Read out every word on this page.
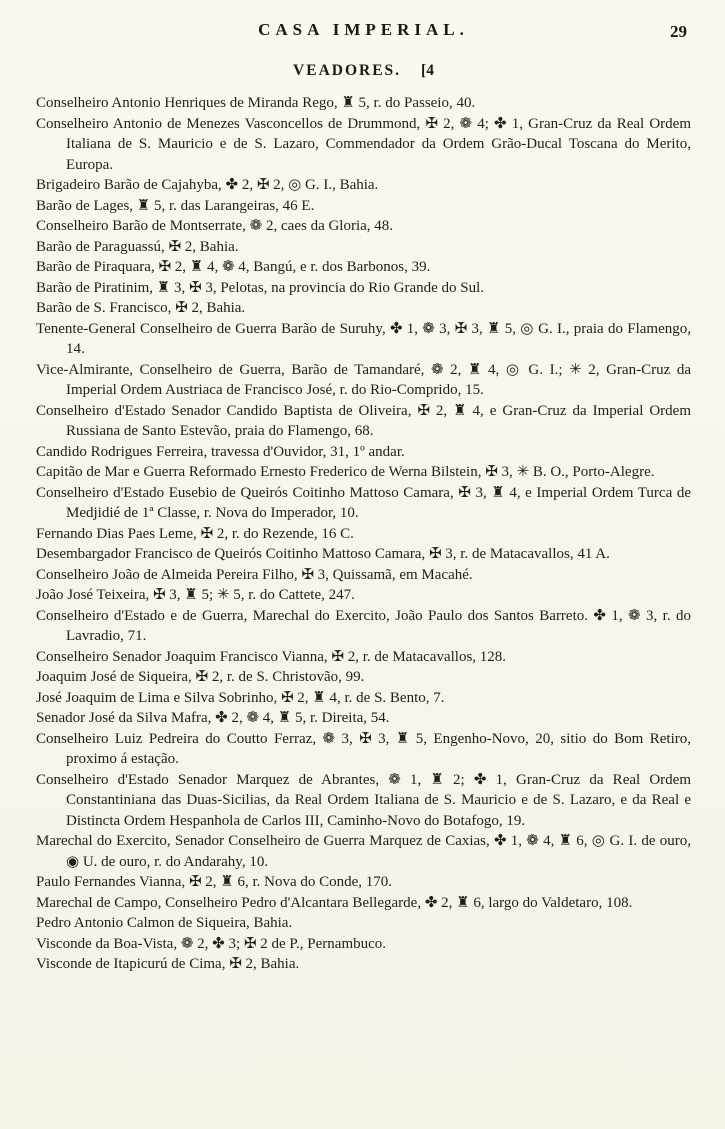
CASA IMPERIAL.	29
VEADORES. [4

Conselheiro Antonio Henriques de Miranda Rego, ♜ 5, r. do Passeio, 40.

Conselheiro Antonio de Menezes Vasconcellos de Drummond, ✠ 2, ❁ 4; ✤ 1, Gran-Cruz da Real Ordem Italiana de S. Mauricio e de S. Lazaro, Commendador da Ordem Grão-Ducal Toscana do Merito, Europa.

Brigadeiro Barão de Cajahyba, ✤ 2, ✠ 2, ◎ G. I., Bahia.

Barão de Lages, ♜ 5, r. das Larangeiras, 46 E.

Conselheiro Barão de Montserrate, ❁ 2, caes da Gloria, 48.

Barão de Paraguassú, ✠ 2, Bahia.

Barão de Piraquara, ✠ 2, ♜ 4, ❁ 4, Bangú, e r. dos Barbonos, 39.

Barão de Piratinim, ♜ 3, ✠ 3, Pelotas, na provincia do Rio Grande do Sul.

Barão de S. Francisco, ✠ 2, Bahia.

Tenente-General Conselheiro de Guerra Barão de Suruhy, ✤ 1, ❁ 3, ✠ 3, ♜ 5, ◎ G. I., praia do Flamengo, 14.

Vice-Almirante, Conselheiro de Guerra, Barão de Tamandaré, ❁ 2, ♜ 4, ◎ G. I.; ✳ 2, Gran-Cruz da Imperial Ordem Austriaca de Francisco José, r. do Rio-Comprido, 15.

Conselheiro d'Estado Senador Candido Baptista de Oliveira, ✠ 2, ♜ 4, e Gran-Cruz da Imperial Ordem Russiana de Santo Estevão, praia do Flamengo, 68.

Candido Rodrigues Ferreira, travessa d'Ouvidor, 31, 1º andar.

Capitão de Mar e Guerra Reformado Ernesto Frederico de Werna Bilstein, ✠ 3, ✳ B. O., Porto-Alegre.

Conselheiro d'Estado Eusebio de Queirós Coitinho Mattoso Camara, ✠ 3, ♜ 4, e Imperial Ordem Turca de Medjidié de 1ª Classe, r. Nova do Imperador, 10.

Fernando Dias Paes Leme, ✠ 2, r. do Rezende, 16 C.

Desembargador Francisco de Queirós Coitinho Mattoso Camara, ✠ 3, r. de Matacavallos, 41 A.

Conselheiro João de Almeida Pereira Filho, ✠ 3, Quissamã, em Macahé.

João José Teixeira, ✠ 3, ♜ 5; ✳ 5, r. do Cattete, 247.

Conselheiro d'Estado e de Guerra, Marechal do Exercito, João Paulo dos Santos Barreto. ✤ 1, ❁ 3, r. do Lavradio, 71.

Conselheiro Senador Joaquim Francisco Vianna, ✠ 2, r. de Matacavallos, 128.

Joaquim José de Siqueira, ✠ 2, r. de S. Christovão, 99.

José Joaquim de Lima e Silva Sobrinho, ✠ 2, ♜ 4, r. de S. Bento, 7.

Senador José da Silva Mafra, ✤ 2, ❁ 4, ♜ 5, r. Direita, 54.

Conselheiro Luiz Pedreira do Coutto Ferraz, ❁ 3, ✠ 3, ♜ 5, Engenho-Novo, 20, sitio do Bom Retiro, proximo á estação.

Conselheiro d'Estado Senador Marquez de Abrantes, ❁ 1, ♜ 2; ✤ 1, Gran-Cruz da Real Ordem Constantiniana das Duas-Sicilias, da Real Ordem Italiana de S. Mauricio e de S. Lazaro, e da Real e Distincta Ordem Hespanhola de Carlos III, Caminho-Novo do Botafogo, 19.

Marechal do Exercito, Senador Conselheiro de Guerra Marquez de Caxias, ✤ 1, ❁ 4, ♜ 6, ◎ G. I. de ouro, ◉ U. de ouro, r. do Andarahy, 10.

Paulo Fernandes Vianna, ✠ 2, ♜ 6, r. Nova do Conde, 170.

Marechal de Campo, Conselheiro Pedro d'Alcantara Bellegarde, ✤ 2, ♜ 6, largo do Valdetaro, 108.

Pedro Antonio Calmon de Siqueira, Bahia.

Visconde da Boa-Vista, ❁ 2, ✤ 3; ✠ 2 de P., Pernambuco.

Visconde de Itapicurú de Cima, ✠ 2, Bahia.
